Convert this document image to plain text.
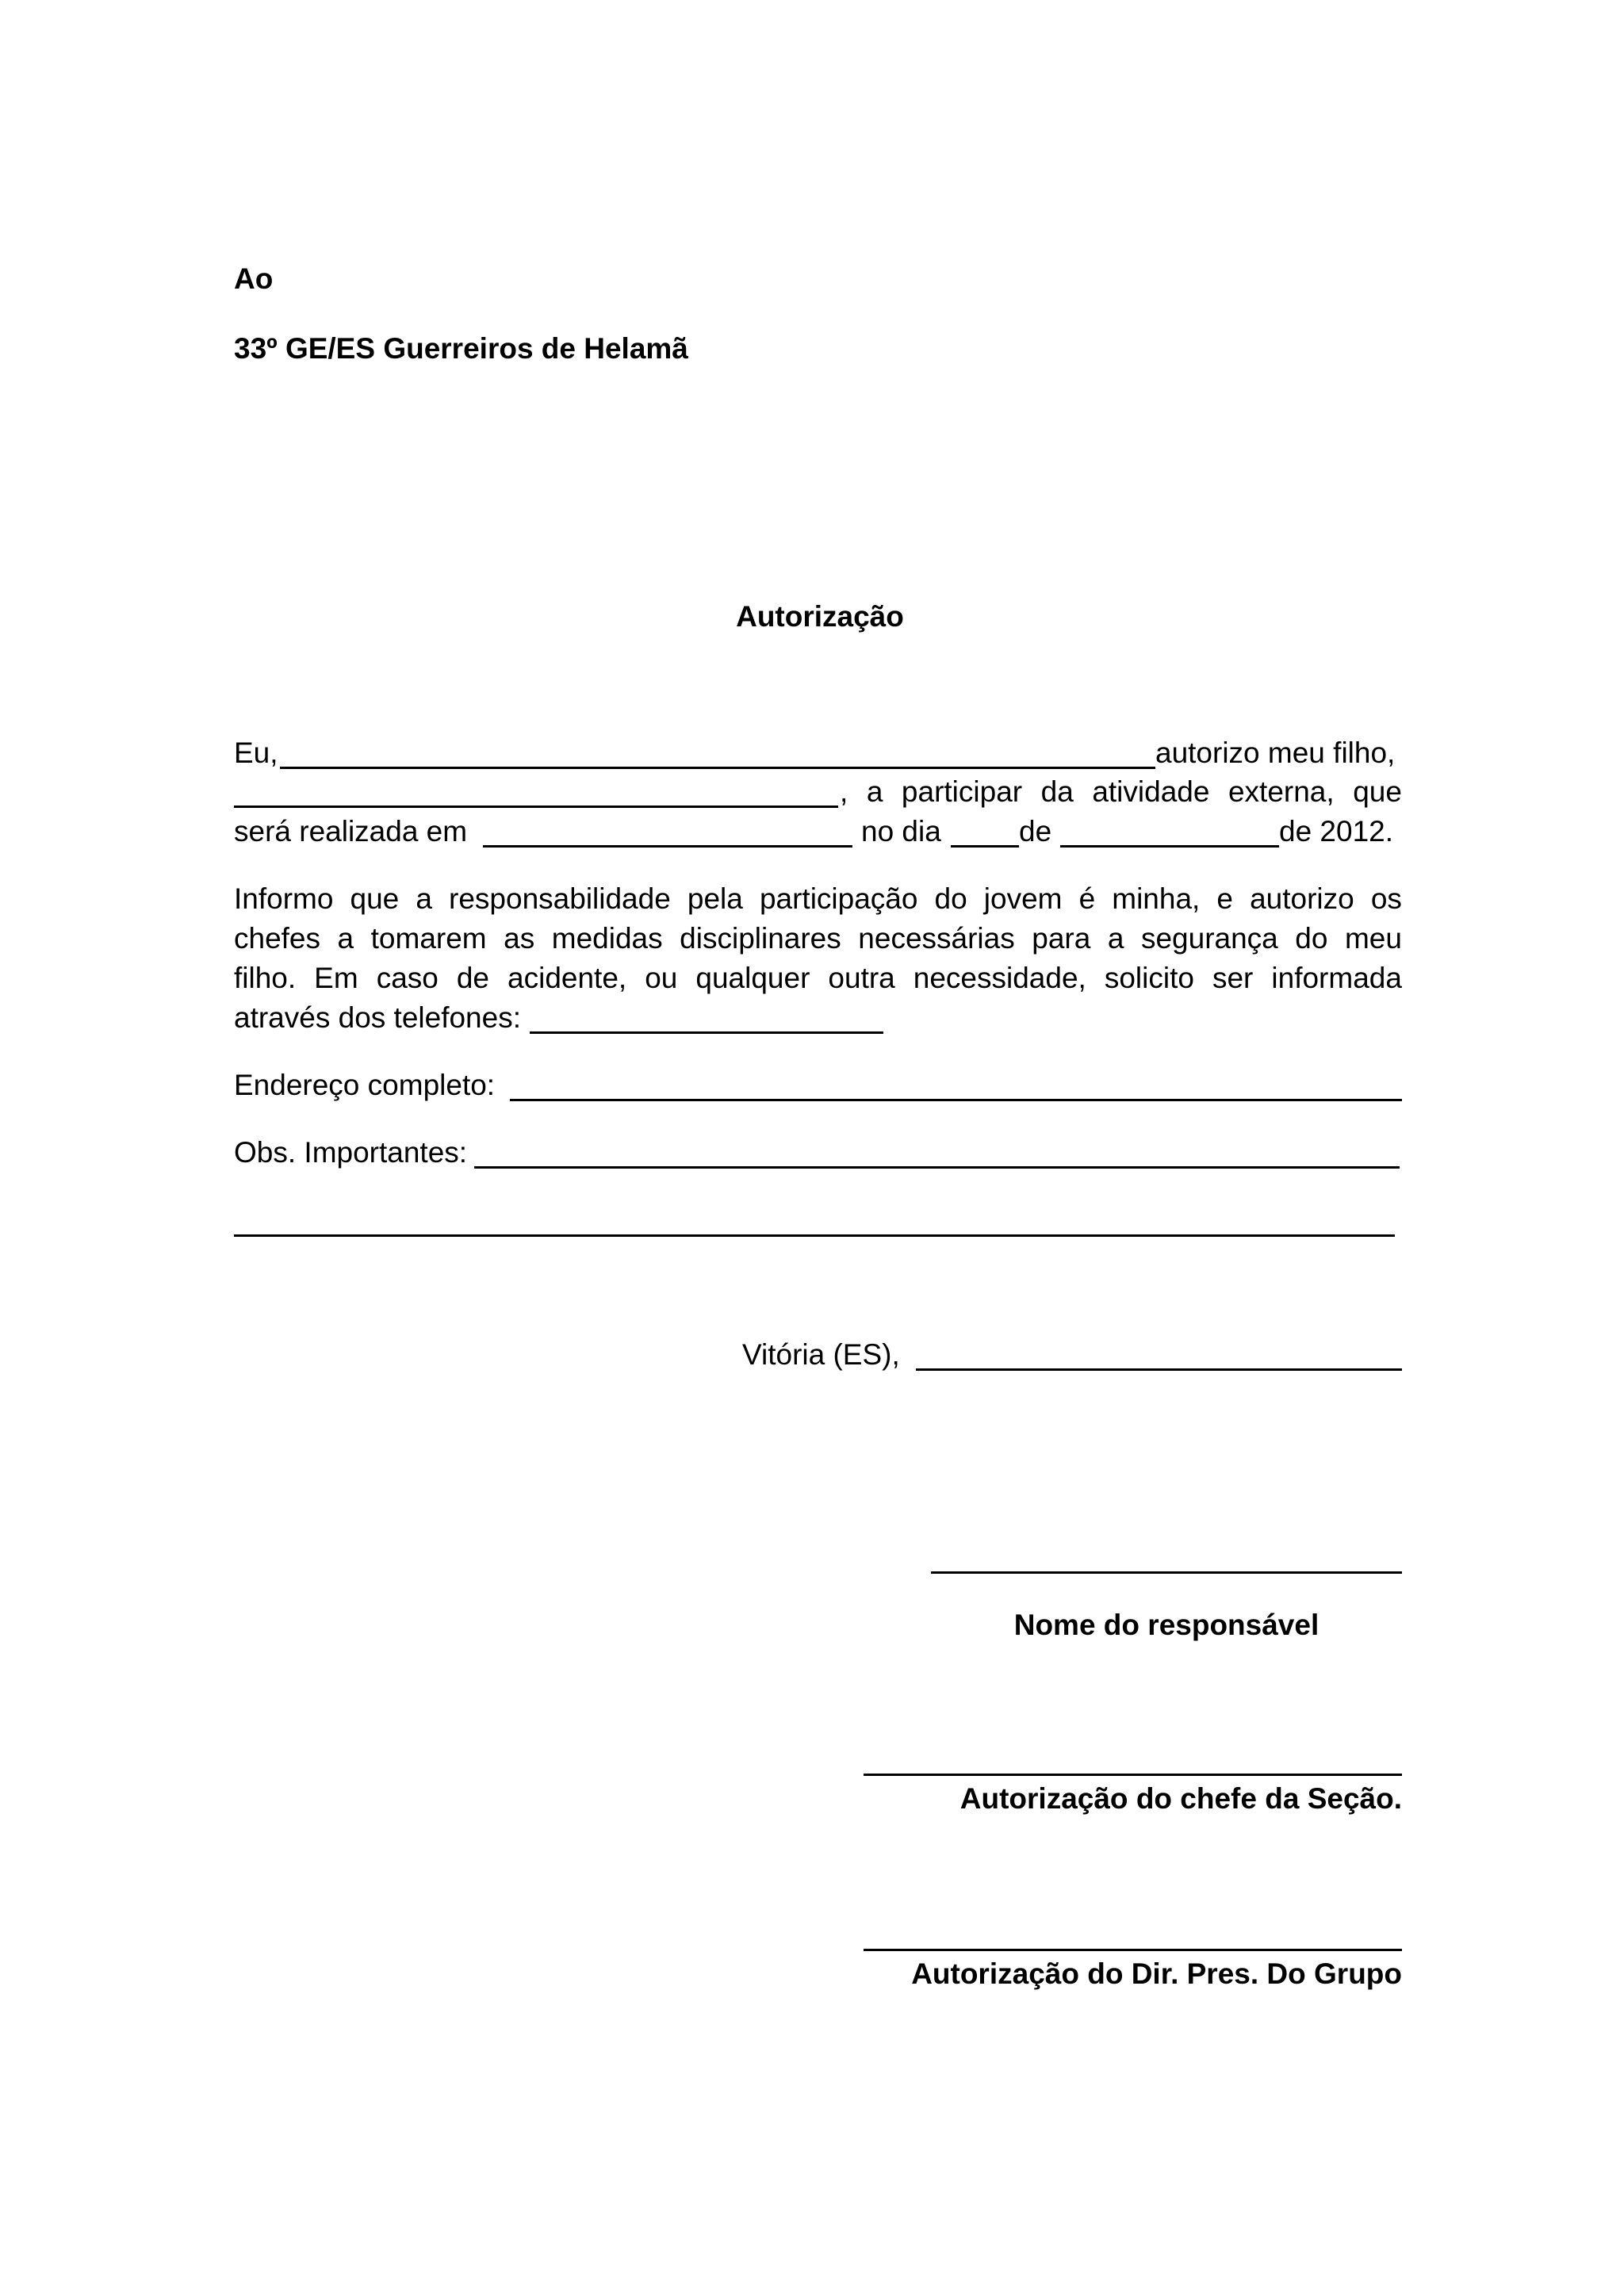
Ao
33º GE/ES Guerreiros de Helamã
Autorização
Eu,	autorizo meu filho,
, a participar da atividade externa, que
será realizada em	no dia	de	de 2012.
Informo que a responsabilidade pela participação do jovem é minha, e autorizo os
chefes a tomarem as medidas disciplinares necessárias para a segurança do meu
filho. Em caso de acidente, ou qualquer outra necessidade, solicito ser informada
através dos telefones:
Endereço completo:
Obs. Importantes:
Vitória (ES),
Nome do responsável
Autorização do chefe da Seção.
Autorização do Dir. Pres. Do Grupo
